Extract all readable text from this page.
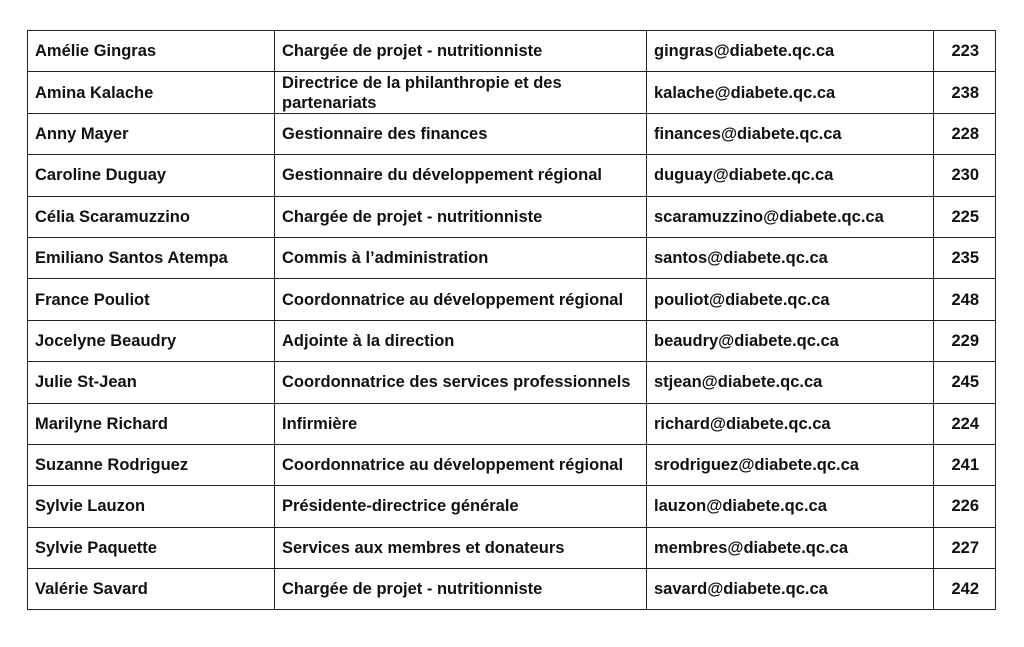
Amélie Gingras	Chargée de projet - nutritionniste	gingras@diabete.qc.ca	223
Amina Kalache	Directrice de la philanthropie et des partenariats	kalache@diabete.qc.ca	238
Anny Mayer	Gestionnaire des finances	finances@diabete.qc.ca	228
Caroline Duguay	Gestionnaire du développement régional	duguay@diabete.qc.ca	230
Célia Scaramuzzino	Chargée de projet - nutritionniste	scaramuzzino@diabete.qc.ca	225
Emiliano Santos Atempa	Commis à l’administration	santos@diabete.qc.ca	235
France Pouliot	Coordonnatrice au développement régional	pouliot@diabete.qc.ca	248
Jocelyne Beaudry	Adjointe à la direction	beaudry@diabete.qc.ca	229
Julie St-Jean	Coordonnatrice des services professionnels	stjean@diabete.qc.ca	245
Marilyne Richard	Infirmière	richard@diabete.qc.ca	224
Suzanne Rodriguez	Coordonnatrice au développement régional	srodriguez@diabete.qc.ca	241
Sylvie Lauzon	Présidente-directrice générale	lauzon@diabete.qc.ca	226
Sylvie Paquette	Services aux membres et donateurs	membres@diabete.qc.ca	227
Valérie Savard	Chargée de projet - nutritionniste	savard@diabete.qc.ca	242
